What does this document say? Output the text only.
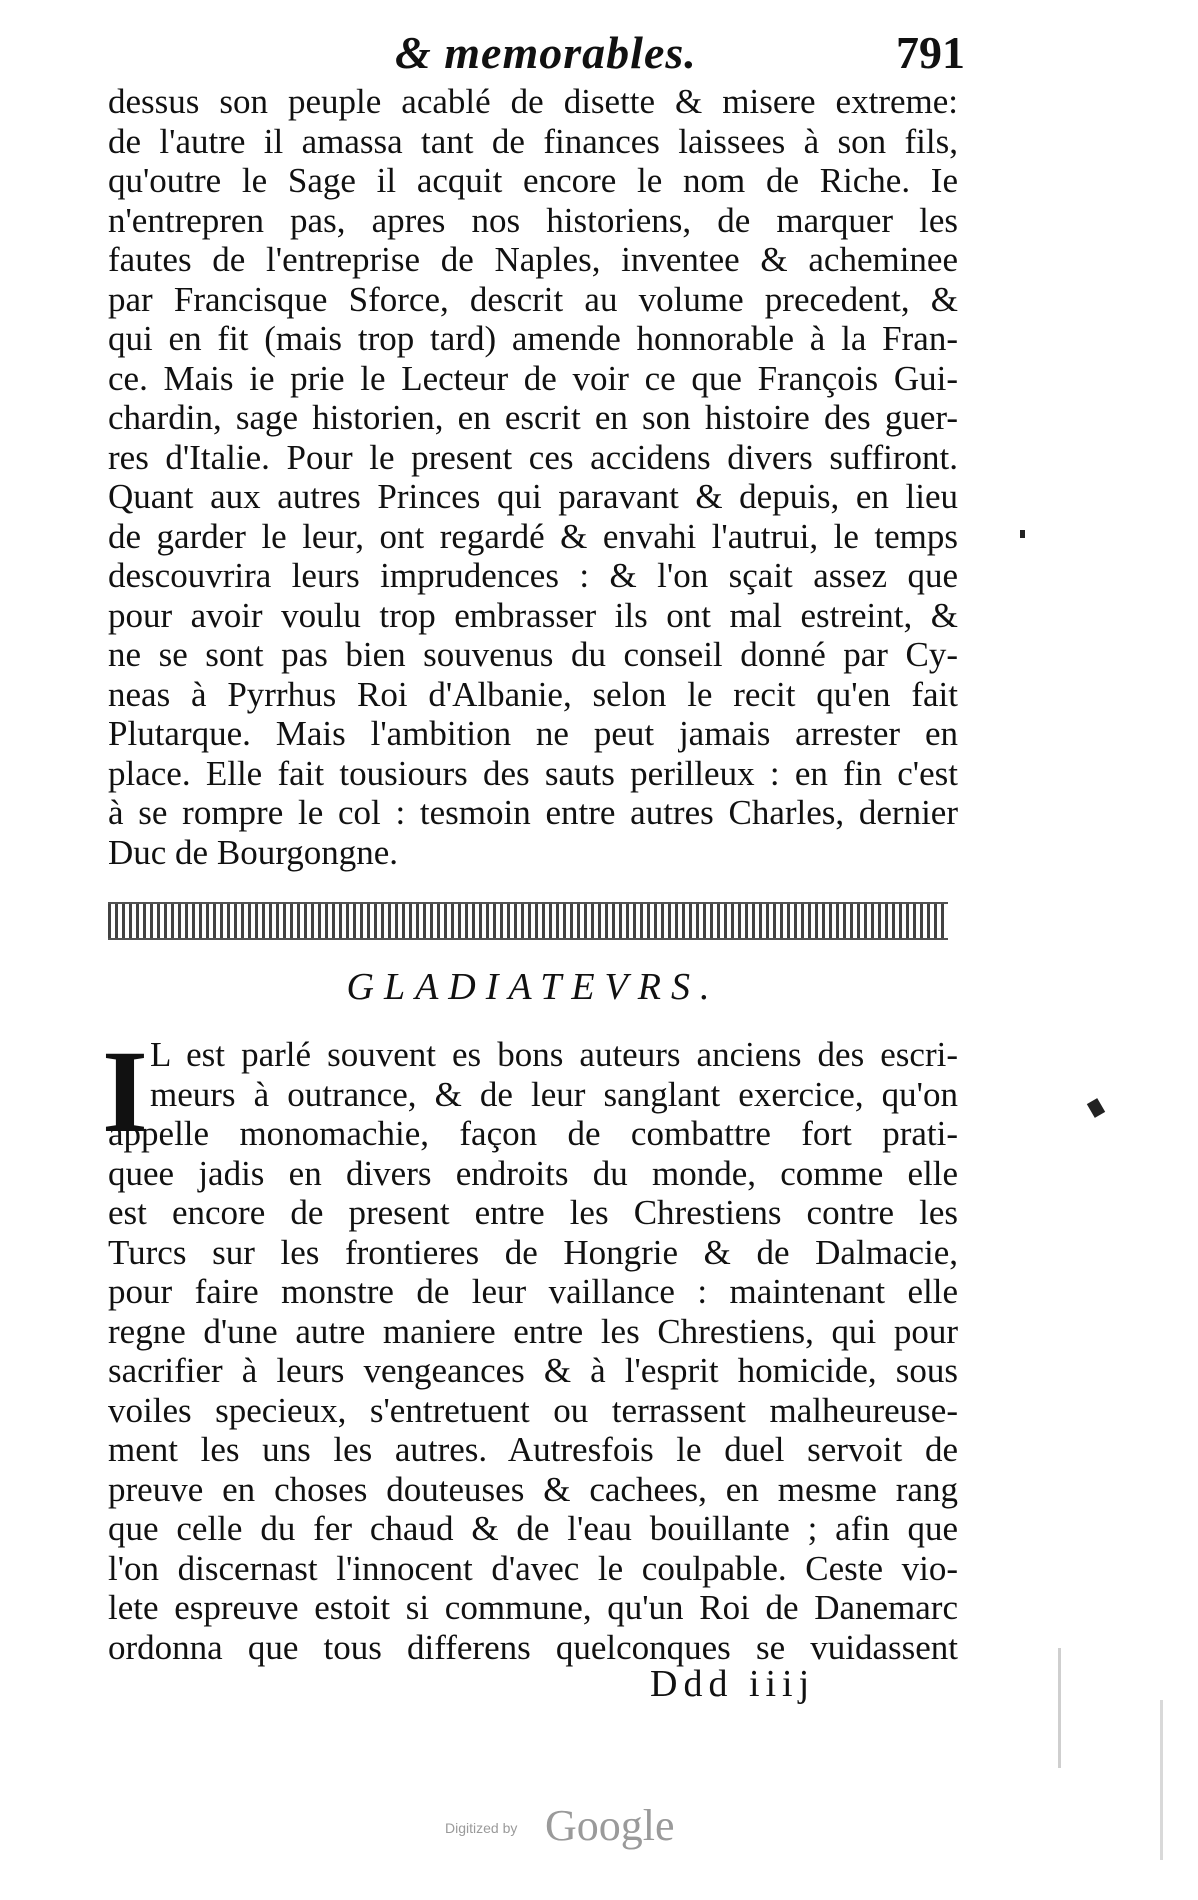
& memorables.	791
dessus son peuple acablé de disette & misere extreme:
de l'autre il amassa tant de finances laissees à son fils,
qu'outre le Sage il acquit encore le nom de Riche. Ie
n'entrepren pas, apres nos historiens, de marquer les
fautes de l'entreprise de Naples, inventee & acheminee
par Francisque Sforce, descrit au volume precedent, &
qui en fit (mais trop tard) amende honnorable à la Fran-
ce. Mais ie prie le Lecteur de voir ce que François Gui-
chardin, sage historien, en escrit en son histoire des guer-
res d'Italie. Pour le present ces accidens divers suffiront.
Quant aux autres Princes qui paravant & depuis, en lieu
de garder le leur, ont regardé & envahi l'autrui, le temps
descouvrira leurs imprudences : & l'on sçait assez que
pour avoir voulu trop embrasser ils ont mal estreint, &
ne se sont pas bien souvenus du conseil donné par Cy-
neas à Pyrrhus Roi d'Albanie, selon le recit qu'en fait
Plutarque. Mais l'ambition ne peut jamais arrester en
place. Elle fait tousiours des sauts perilleux : en fin c'est
à se rompre le col : tesmoin entre autres Charles, dernier
Duc de Bourgongne.
GLADIATEVRS.
I L est parlé souvent es bons auteurs anciens des escri-
meurs à outrance, & de leur sanglant exercice, qu'on
appelle monomachie, façon de combattre fort prati-
quee jadis en divers endroits du monde, comme elle
est encore de present entre les Chrestiens contre les
Turcs sur les frontieres de Hongrie & de Dalmacie,
pour faire monstre de leur vaillance : maintenant elle
regne d'une autre maniere entre les Chrestiens, qui pour
sacrifier à leurs vengeances & à l'esprit homicide, sous
voiles specieux, s'entretuent ou terrassent malheureuse-
ment les uns les autres. Autresfois le duel servoit de
preuve en choses douteuses & cachees, en mesme rang
que celle du fer chaud & de l'eau bouillante ; afin que
l'on discernast l'innocent d'avec le coulpable. Ceste vio-
lete espreuve estoit si commune, qu'un Roi de Danemarc
ordonna que tous differens quelconques se vuidassent
Ddd iiij
Digitized by Google
